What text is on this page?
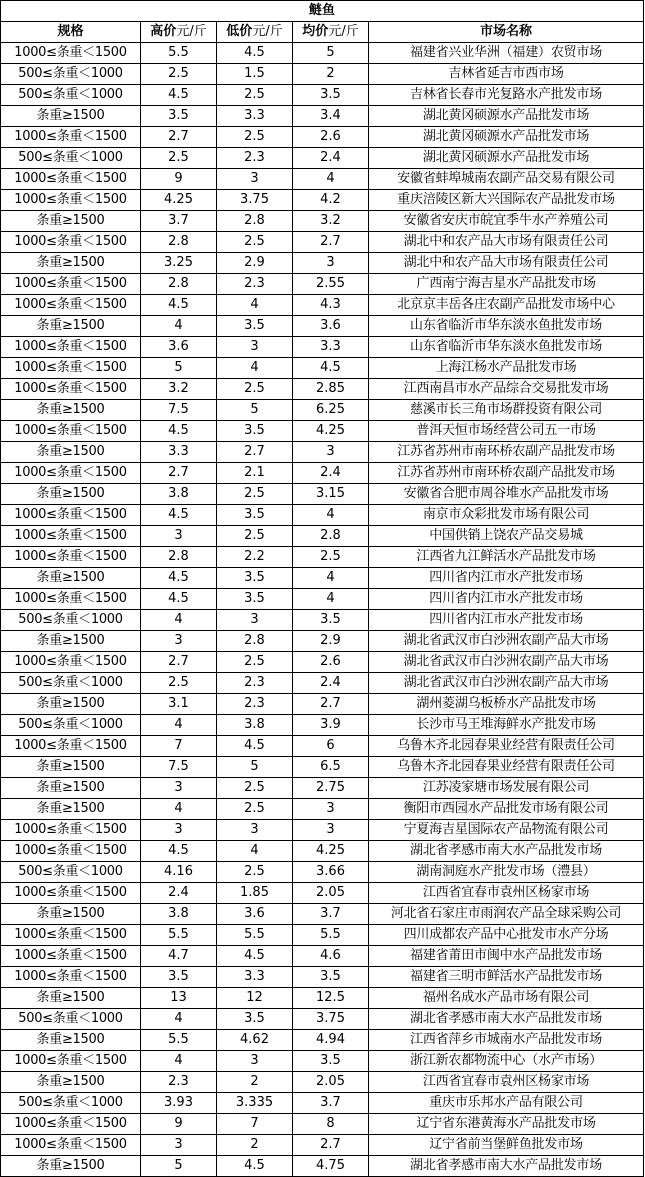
鲢鱼				
规格	高价元/斤	低价元/斤	均价元/斤	市场名称
1000≤条重＜1500	5.5	4.5	5	福建省兴业华洲（福建）农贸市场
500≤条重＜1000	2.5	1.5	2	吉林省延吉市西市场
500≤条重＜1000	4.5	2.5	3.5	吉林省长春市光复路水产批发市场
条重≥1500	3.5	3.3	3.4	湖北黄冈硕源水产品批发市场
1000≤条重＜1500	2.7	2.5	2.6	湖北黄冈硕源水产品批发市场
500≤条重＜1000	2.5	2.3	2.4	湖北黄冈硕源水产品批发市场
1000≤条重＜1500	9	3	4	安徽省蚌埠城南农副产品交易有限公司
1000≤条重＜1500	4.25	3.75	4.2	重庆涪陵区新大兴国际农产品批发市场
条重≥1500	3.7	2.8	3.2	安徽省安庆市皖宜季牛水产养殖公司
1000≤条重＜1500	2.8	2.5	2.7	湖北中和农产品大市场有限责任公司
条重≥1500	3.25	2.9	3	湖北中和农产品大市场有限责任公司
1000≤条重＜1500	2.8	2.3	2.55	广西南宁海吉星水产品批发市场
1000≤条重＜1500	4.5	4	4.3	北京京丰岳各庄农副产品批发市场中心
条重≥1500	4	3.5	3.6	山东省临沂市华东淡水鱼批发市场
1000≤条重＜1500	3.6	3	3.3	山东省临沂市华东淡水鱼批发市场
1000≤条重＜1500	5	4	4.5	上海江杨水产品批发市场
1000≤条重＜1500	3.2	2.5	2.85	江西南昌市水产品综合交易批发市场
条重≥1500	7.5	5	6.25	慈溪市长三角市场群投资有限公司
1000≤条重＜1500	4.5	3.5	4.25	普洱天恒市场经营公司五一市场
条重≥1500	3.3	2.7	3	江苏省苏州市南环桥农副产品批发市场
1000≤条重＜1500	2.7	2.1	2.4	江苏省苏州市南环桥农副产品批发市场
条重≥1500	3.8	2.5	3.15	安徽省合肥市周谷堆水产品批发市场
1000≤条重＜1500	4.5	3.5	4	南京市众彩批发市场有限公司
1000≤条重＜1500	3	2.5	2.8	中国供销上饶农产品交易城
1000≤条重＜1500	2.8	2.2	2.5	江西省九江鲜活水产品批发市场
条重≥1500	4.5	3.5	4	四川省内江市水产批发市场
1000≤条重＜1500	4.5	3.5	4	四川省内江市水产批发市场
500≤条重＜1000	4	3	3.5	四川省内江市水产批发市场
条重≥1500	3	2.8	2.9	湖北省武汉市白沙洲农副产品大市场
1000≤条重＜1500	2.7	2.5	2.6	湖北省武汉市白沙洲农副产品大市场
500≤条重＜1000	2.5	2.3	2.4	湖北省武汉市白沙洲农副产品大市场
条重≥1500	3.1	2.3	2.7	湖州菱湖乌板桥水产品批发市场
500≤条重＜1000	4	3.8	3.9	长沙市马王堆海鲜水产批发市场
1000≤条重＜1500	7	4.5	6	乌鲁木齐北园春果业经营有限责任公司
条重≥1500	7.5	5	6.5	乌鲁木齐北园春果业经营有限责任公司
条重≥1500	3	2.5	2.75	江苏凌家塘市场发展有限公司
条重≥1500	4	2.5	3	衡阳市西园水产品批发市场有限公司
1000≤条重＜1500	3	3	3	宁夏海吉星国际农产品物流有限公司
1000≤条重＜1500	4.5	4	4.25	湖北省孝感市南大水产品批发市场
500≤条重＜1000	4.16	2.5	3.66	湖南洞庭水产批发市场（澧县）
1000≤条重＜1500	2.4	1.85	2.05	江西省宜春市袁州区杨家市场
条重≥1500	3.8	3.6	3.7	河北省石家庄市雨润农产品全球采购公司
1000≤条重＜1500	5.5	5.5	5.5	四川成都农产品中心批发市水产分场
1000≤条重＜1500	4.7	4.5	4.6	福建省莆田市闽中水产品批发市场
1000≤条重＜1500	3.5	3.3	3.5	福建省三明市鲜活水产品批发市场
条重≥1500	13	12	12.5	福州名成水产品市场有限公司
500≤条重＜1000	4	3.5	3.75	湖北省孝感市南大水产品批发市场
条重≥1500	5.5	4.62	4.94	江西省萍乡市城南水产品批发市场
1000≤条重＜1500	4	3	3.5	浙江新农都物流中心（水产市场）
条重≥1500	2.3	2	2.05	江西省宜春市袁州区杨家市场
500≤条重＜1000	3.93	3.335	3.7	重庆市乐邦水产品有限公司
1000≤条重＜1500	9	7	8	辽宁省东港黄海水产品批发市场
1000≤条重＜1500	3	2	2.7	辽宁省前当堡鲜鱼批发市场
条重≥1500	5	4.5	4.75	湖北省孝感市南大水产品批发市场
